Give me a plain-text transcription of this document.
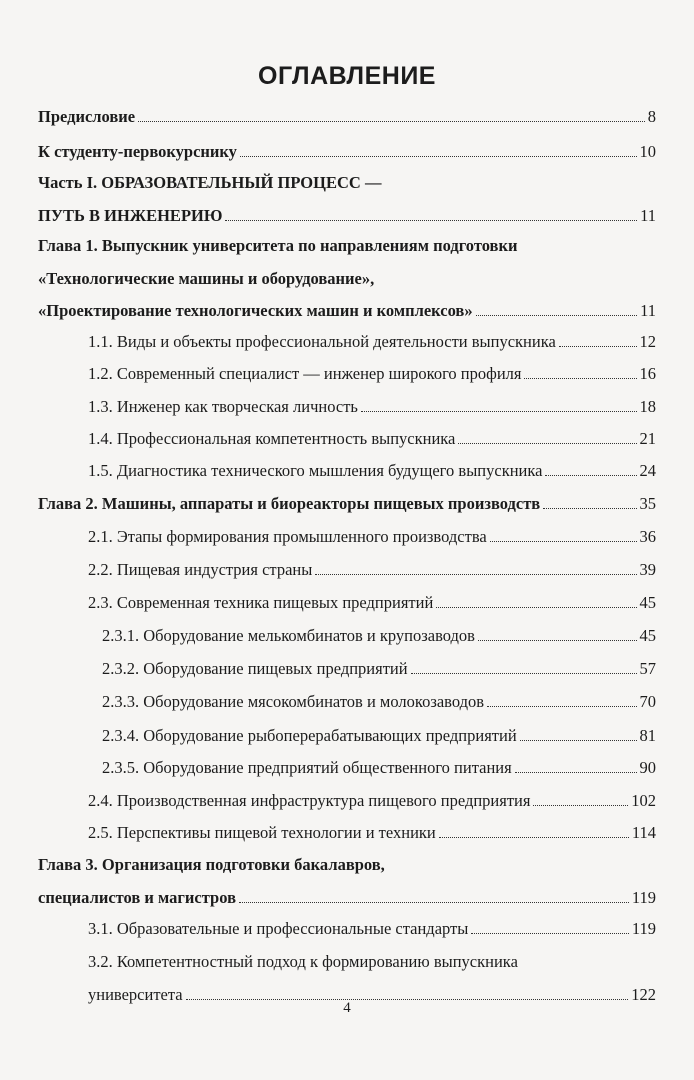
ОГЛАВЛЕНИЕ
Предисловие	8
К студенту-первокурснику	10
Часть I. ОБРАЗОВАТЕЛЬНЫЙ ПРОЦЕСС —
ПУТЬ В ИНЖЕНЕРИЮ	11
Глава 1. Выпускник университета по направлениям подготовки
«Технологические машины и оборудование»,
«Проектирование технологических машин и комплексов»	11
1.1. Виды и объекты профессиональной деятельности выпускника	12
1.2. Современный специалист — инженер широкого профиля	16
1.3. Инженер как творческая личность	18
1.4. Профессиональная компетентность выпускника	21
1.5. Диагностика технического мышления будущего выпускника	24
Глава 2. Машины, аппараты и биореакторы пищевых производств	35
2.1. Этапы формирования промышленного производства	36
2.2. Пищевая индустрия страны	39
2.3. Современная техника пищевых предприятий	45
2.3.1. Оборудование мелькомбинатов и крупозаводов	45
2.3.2. Оборудование пищевых предприятий	57
2.3.3. Оборудование мясокомбинатов и молокозаводов	70
2.3.4. Оборудование рыбоперерабатывающих предприятий	81
2.3.5. Оборудование предприятий общественного питания	90
2.4. Производственная инфраструктура пищевого предприятия	102
2.5. Перспективы пищевой технологии и техники	114
Глава 3. Организация подготовки бакалавров,
специалистов и магистров	119
3.1. Образовательные и профессиональные стандарты	119
3.2. Компетентностный подход к формированию выпускника
университета	122
4
